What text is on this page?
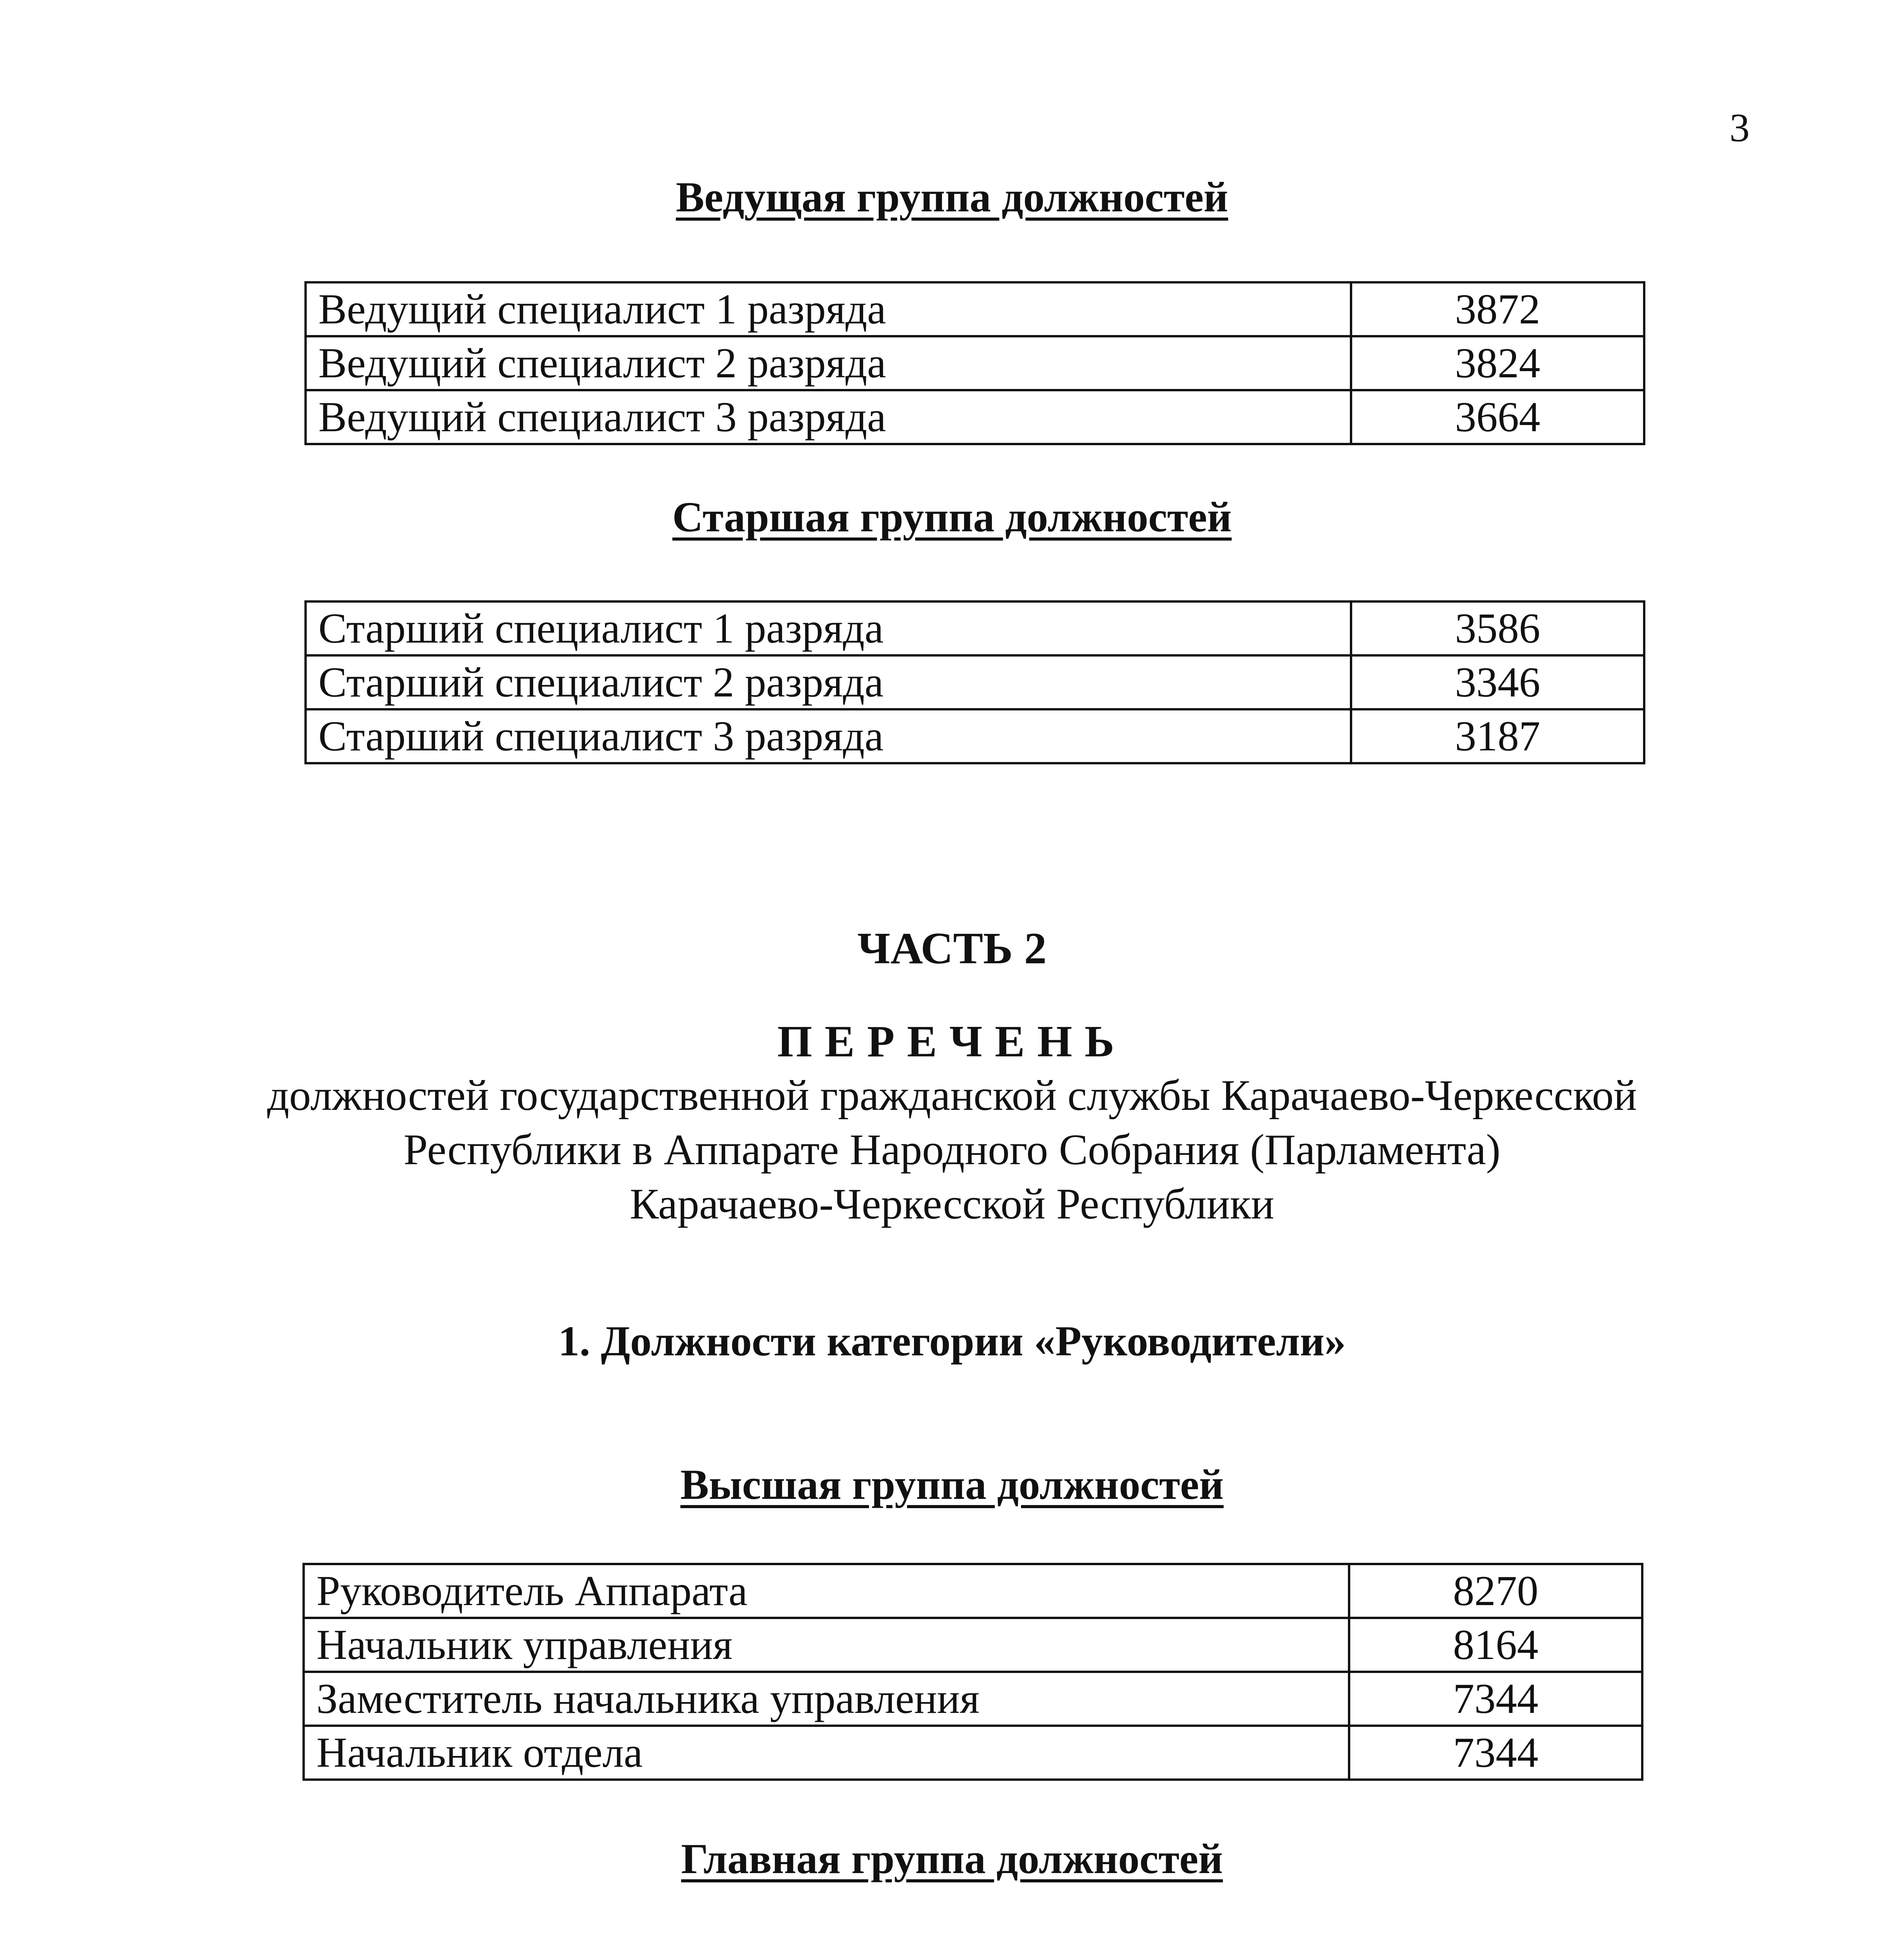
3
Ведущая группа должностей
Ведущий специалист 1 разряда	3872
Ведущий специалист 2 разряда	3824
Ведущий специалист 3 разряда	3664
Старшая группа должностей
Старший специалист 1 разряда	3586
Старший специалист 2 разряда	3346
Старший специалист 3 разряда	3187
ЧАСТЬ 2
ПЕРЕЧЕНЬ
должностей государственной гражданской службы Карачаево-Черкесской
Республики в Аппарате Народного Собрания (Парламента)
Карачаево-Черкесской Республики
1. Должности категории «Руководители»
Высшая группа должностей
Руководитель Аппарата	8270
Начальник управления	8164
Заместитель начальника управления	7344
Начальник отдела	7344
Главная группа должностей
